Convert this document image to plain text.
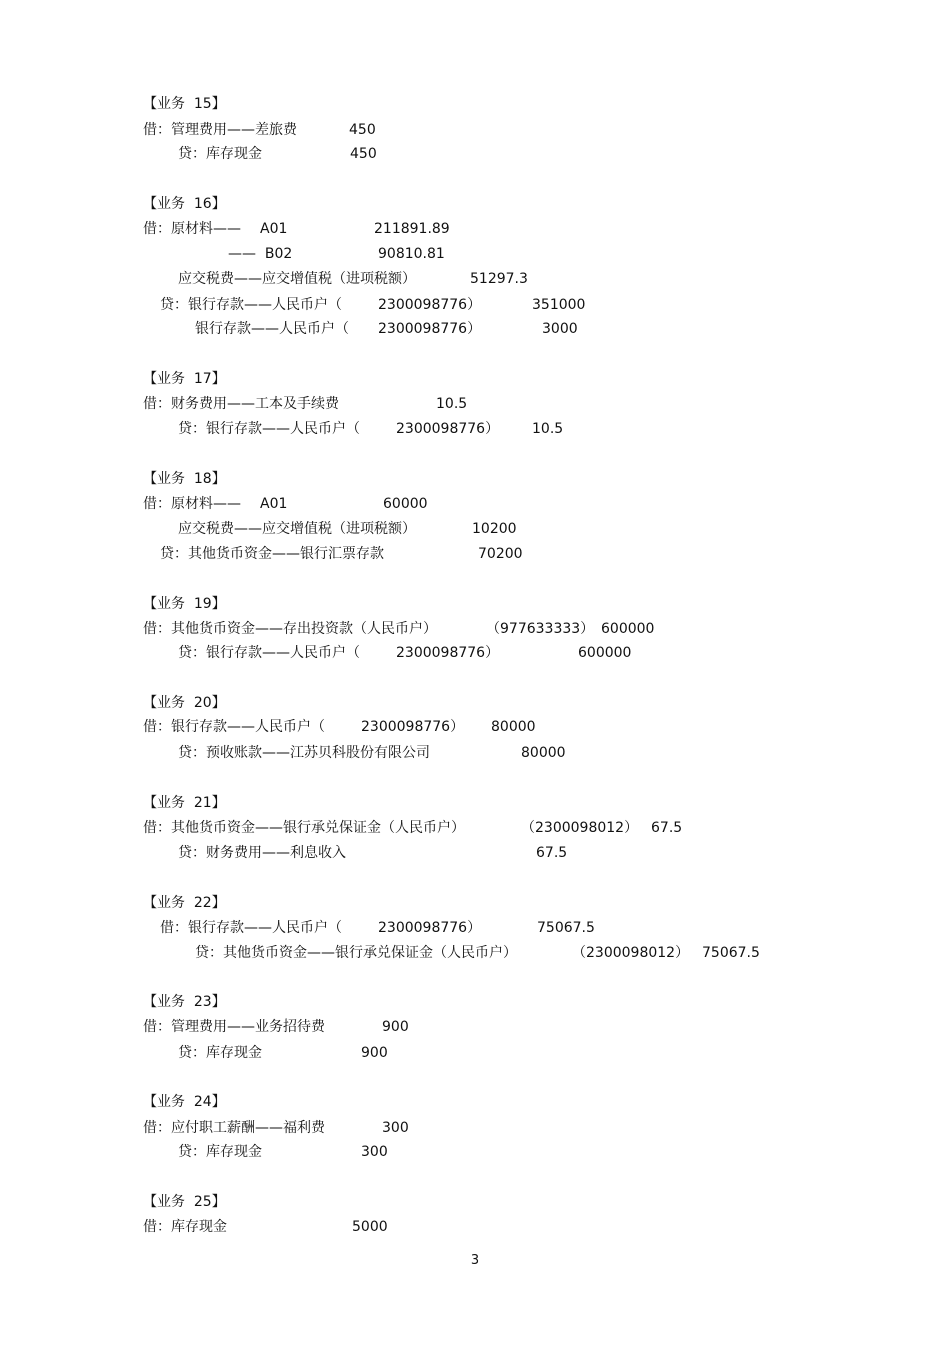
【业务  15】
借：管理费用——差旅费	450
贷：库存现金	450
【业务  16】
借：原材料—— A01	211891.89
——  B02	90810.81
应交税费——应交增值税（进项税额）	51297.3
贷：银行存款——人民币户（	2300098776）	351000
银行存款——人民币户（ 2300098776）	3000
【业务  17】
借：财务费用——工本及手续费	10.5
贷：银行存款——人民币户（	2300098776） 10.5
【业务  18】
借：原材料—— A01	60000
应交税费——应交增值税（进项税额）	10200
贷：其他货币资金——银行汇票存款	70200
【业务  19】
借：其他货币资金——存出投资款（人民币户）	（977633333） 600000
贷：银行存款——人民币户（	2300098776）	600000
【业务  20】
借：银行存款——人民币户（	2300098776） 80000
贷：预收账款——江苏贝科股份有限公司	80000
【业务  21】
借：其他货币资金——银行承兑保证金（人民币户）	（2300098012） 67.5
贷：财务费用——利息收入	67.5
【业务  22】
借：银行存款——人民币户（	2300098776）	75067.5
贷：其他货币资金——银行承兑保证金（人民币户）	（2300098012） 75067.5
【业务  23】
借：管理费用——业务招待费	900
贷：库存现金	900
【业务  24】
借：应付职工薪酬——福利费	300
贷：库存现金	300
【业务  25】
借：库存现金	5000
3
